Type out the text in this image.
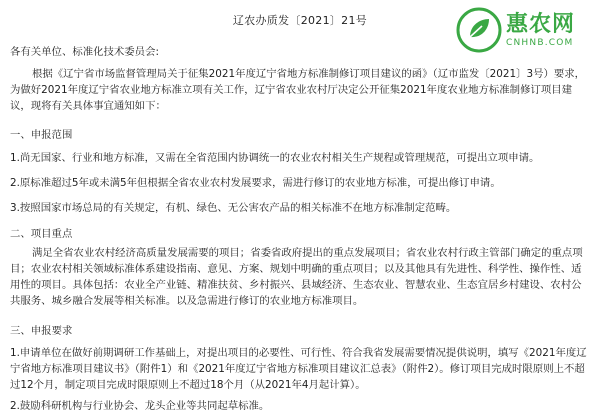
辽农办质发〔2021〕21号	惠农网
CNHNB.COM
各有关单位、标准化技术委员会:
根据《辽宁省市场监督管理局关于征集2021年度辽宁省地方标准制修订项目建议的函》（辽市监发〔2021〕3号）要求，为做好2021年度辽宁省农业地方标准立项有关工作，辽宁省农业农村厅决定公开征集2021年度农业地方标准制修订项目建议，现将有关具体事宜通知如下：
一、申报范围
1.尚无国家、行业和地方标准，又需在全省范围内协调统一的农业农村相关生产规程或管理规范，可提出立项申请。
2.原标准超过5年或未满5年但根据全省农业农村发展要求，需进行修订的农业地方标准，可提出修订申请。
3.按照国家市场总局的有关规定，有机、绿色、无公害农产品的相关标准不在地方标准制定范畴。
二、项目重点
满足全省农业农村经济高质量发展需要的项目；省委省政府提出的重点发展项目；省农业农村行政主管部门确定的重点项目；农业农村相关领域标准体系建设指南、意见、方案、规划中明确的重点项目；以及其他具有先进性、科学性、操作性、适用性的项目。具体包括：农业全产业链、精准扶贫、乡村振兴、县域经济、生态农业、智慧农业、生态宜居乡村建设、农村公共服务、城乡融合发展等相关标准。以及急需进行修订的农业地方标准项目。
三、申报要求
1.申请单位在做好前期调研工作基础上，对提出项目的必要性、可行性、符合我省发展需要情况提供说明，填写《2021年度辽宁省地方标准项目建议书》（附件1）和《2021年度辽宁省地方标准项目建议汇总表》（附件2）。修订项目完成时限原则上不超过12个月，制定项目完成时限原则上不超过18个月（从2021年4月起计算）。
2.鼓励科研机构与行业协会、龙头企业等共同起草标准。
